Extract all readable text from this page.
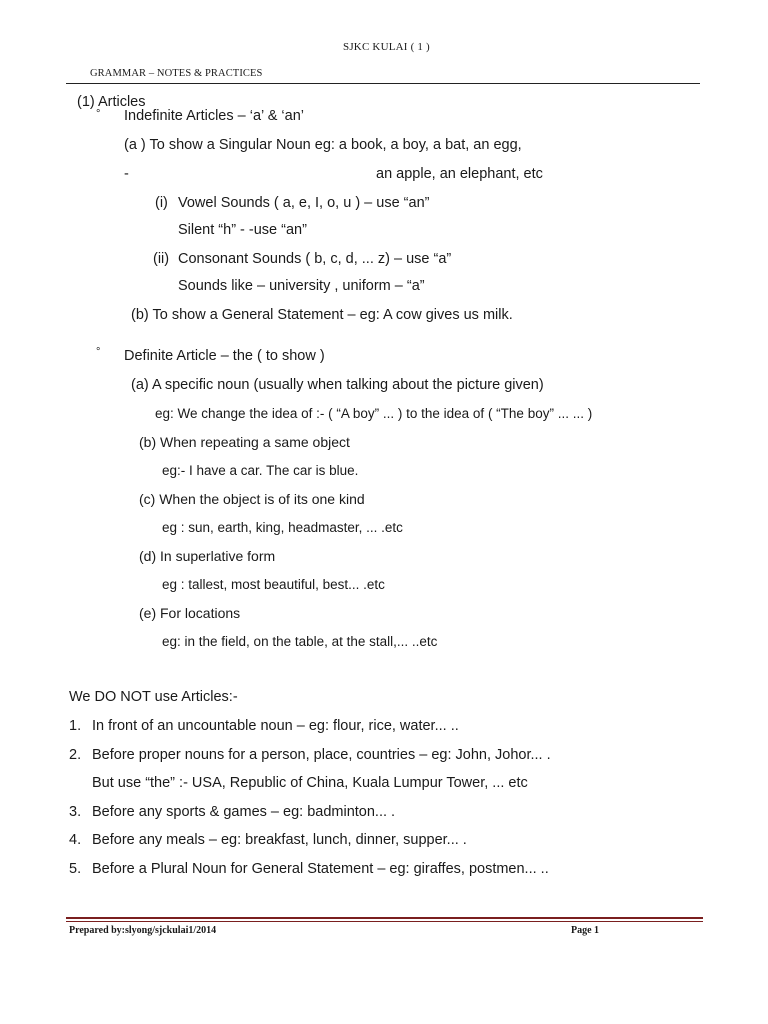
SJKC KULAI ( 1 )
GRAMMAR – NOTES & PRACTICES
(1) Articles
° Indefinite Articles – ‘a’ & ‘an’
(a ) To show a Singular Noun eg: a book, a boy, a bat, an egg,
-	an apple, an elephant, etc
(i) Vowel Sounds ( a, e, I, o, u ) – use “an”
Silent “h” - -use “an”
(ii) Consonant Sounds ( b, c, d, ... z) – use “a”
Sounds like – university , uniform – “a”
(b) To show a General Statement – eg: A cow gives us milk.
° Definite Article – the ( to show )
(a) A specific noun (usually when talking about the picture given)
eg: We change the idea of :- ( “A boy” ... ) to the idea of ( “The boy” ... ... )
(b) When repeating a same object
eg:- I have a car. The car is blue.
(c) When the object is of its one kind
eg : sun, earth, king, headmaster, ... .etc
(d) In superlative form
eg : tallest, most beautiful, best... .etc
(e) For locations
eg: in the field, on the table, at the stall,... ..etc
We DO NOT use Articles:-
1. In front of an uncountable noun – eg: flour, rice, water... ..
2. Before proper nouns for a person, place, countries – eg: John, Johor... .
But use “the” :- USA, Republic of China, Kuala Lumpur Tower, ... etc
3. Before any sports & games – eg: badminton... .
4. Before any meals – eg: breakfast, lunch, dinner, supper... .
5. Before a Plural Noun for General Statement – eg: giraffes, postmen... ..
Prepared by:slyong/sjckulai1/2014	Page 1
